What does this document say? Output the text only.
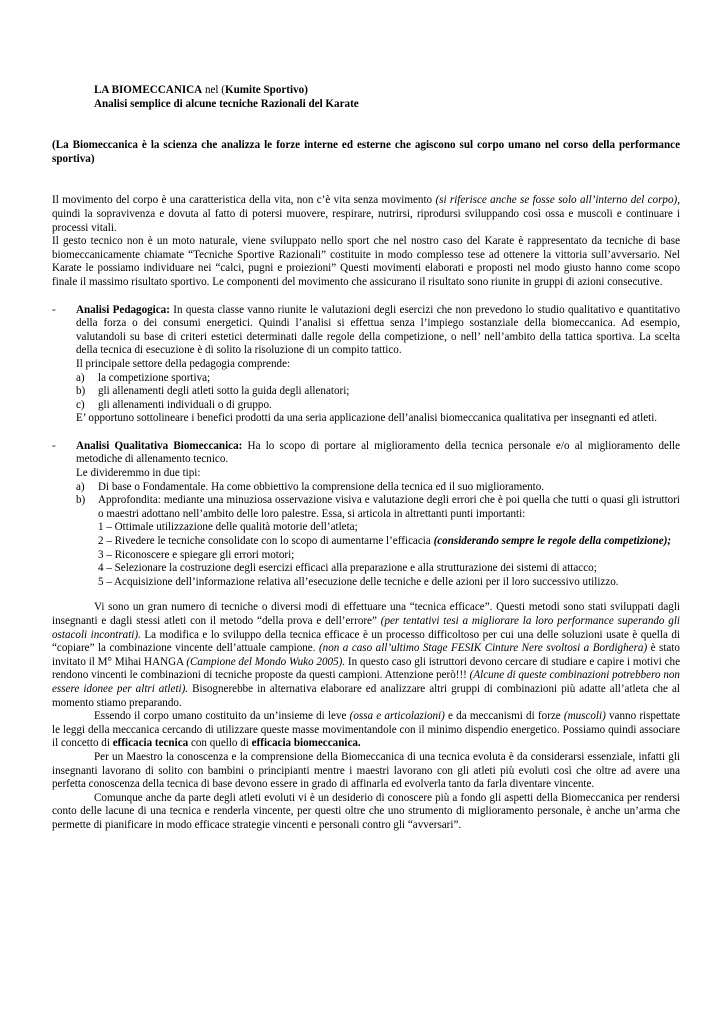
LA BIOMECCANICA nel (Kumite Sportivo)

Analisi semplice di alcune tecniche Razionali del Karate

(La Biomeccanica è la scienza che analizza le forze interne ed esterne che agiscono sul corpo umano nel corso della performance sportiva)

Il movimento del corpo è una caratteristica della vita, non c’è vita senza movimento (si riferisce anche se fosse solo all’interno del corpo), quindi la sopravivenza e dovuta al fatto di potersi muovere, respirare, nutrirsi, riprodursi sviluppando così ossa e muscoli e continuare i processi vitali.

Il gesto tecnico non è un moto naturale, viene sviluppato nello sport che nel nostro caso del Karate è rappresentato da tecniche di base biomeccanicamente chiamate “Tecniche Sportive Razionali” costituite in modo complesso tese ad ottenere la vittoria sull’avversario. Nel Karate le possiamo individuare nei “calci, pugni e proiezioni” Questi movimenti elaborati e proposti nel modo giusto hanno come scopo finale il massimo risultato sportivo. Le componenti del movimento che assicurano il risultato sono riunite in gruppi di azioni consecutive.

-	Analisi Pedagogica: In questa classe vanno riunite le valutazioni degli esercizi che non prevedono lo studio qualitativo e quantitativo della forza o dei consumi energetici. Quindi l’analisi si effettua senza l’impiego sostanziale della biomeccanica. Ad esempio, valutandoli su base di criteri estetici determinati dalle regole della competizione, o nell’ nell’ambito della tattica sportiva. La scelta della tecnica di esecuzione è di solito la risoluzione di un compito tattico.

Il principale settore della pedagogia comprende:

a)	la competizione sportiva;
b)	gli allenamenti degli atleti sotto la guida degli allenatori;
c)	gli allenamenti individuali o di gruppo.

E’ opportuno sottolineare i benefici prodotti da una seria applicazione dell’analisi biomeccanica qualitativa per insegnanti ed atleti.

-	Analisi Qualitativa Biomeccanica: Ha lo scopo di portare al miglioramento della tecnica personale e/o al miglioramento delle metodiche di allenamento tecnico.

Le divideremmo in due tipi:

a)	Di base o Fondamentale. Ha come obbiettivo la comprensione della tecnica ed il suo miglioramento.
b)	Approfondita: mediante una minuziosa osservazione visiva e valutazione degli errori che è poi quella che tutti o quasi gli istruttori o maestri adottano nell’ambito delle loro palestre. Essa, si articola in altrettanti punti importanti:

1 – Ottimale utilizzazione delle qualità motorie dell’atleta;

2 – Rivedere le tecniche consolidate con lo scopo di aumentarne l’efficacia (considerando sempre le regole della competizione);

3 – Riconoscere e spiegare gli errori motori;

4 – Selezionare la costruzione degli esercizi efficaci alla preparazione e alla strutturazione dei sistemi di attacco;

5 – Acquisizione dell’informazione relativa all’esecuzione delle tecniche e delle azioni per il loro successivo utilizzo.

Vi sono un gran numero di tecniche o diversi modi di effettuare una “tecnica efficace”. Questi metodi sono stati sviluppati dagli insegnanti e dagli stessi atleti con il metodo “della prova e dell’errore” (per tentativi tesi a migliorare la loro performance superando gli ostacoli incontrati). La modifica e lo sviluppo della tecnica efficace è un processo difficoltoso per cui una delle soluzioni usate è quella di “copiare” la combinazione vincente dell’attuale campione. (non a caso all’ultimo Stage FESIK Cinture Nere svoltosi a Bordighera) è stato invitato il M° Mihai HANGA (Campione del Mondo Wuko 2005). In questo caso gli istruttori devono cercare di studiare e capire i motivi che rendono vincenti le combinazioni di tecniche proposte da questi campioni. Attenzione però!!! (Alcune di queste combinazioni potrebbero non essere idonee per altri atleti). Bisognerebbe in alternativa elaborare ed analizzare altri gruppi di combinazioni più adatte all’atleta che al momento stiamo preparando.

Essendo il corpo umano costituito da un’insieme di leve (ossa e articolazioni) e da meccanismi di forze (muscoli) vanno rispettate le leggi della meccanica cercando di utilizzare queste masse movimentandole con il minimo dispendio energetico. Possiamo quindi associare il concetto di efficacia tecnica con quello di efficacia biomeccanica.

Per un Maestro la conoscenza e la comprensione della Biomeccanica di una tecnica evoluta è da considerarsi essenziale, infatti gli insegnanti lavorano di solito con bambini o principianti mentre i maestri lavorano con gli atleti più evoluti così che oltre ad avere una perfetta conoscenza della tecnica di base devono essere in grado di affinarla ed evolverla tanto da farla diventare vincente.

Comunque anche da parte degli atleti evoluti vi è un desiderio di conoscere più a fondo gli aspetti della Biomeccanica per rendersi conto delle lacune di una tecnica e renderla vincente, per questi oltre che uno strumento di miglioramento personale, è anche un’arma che permette di pianificare in modo efficace strategie vincenti e personali contro gli “avversari”.
